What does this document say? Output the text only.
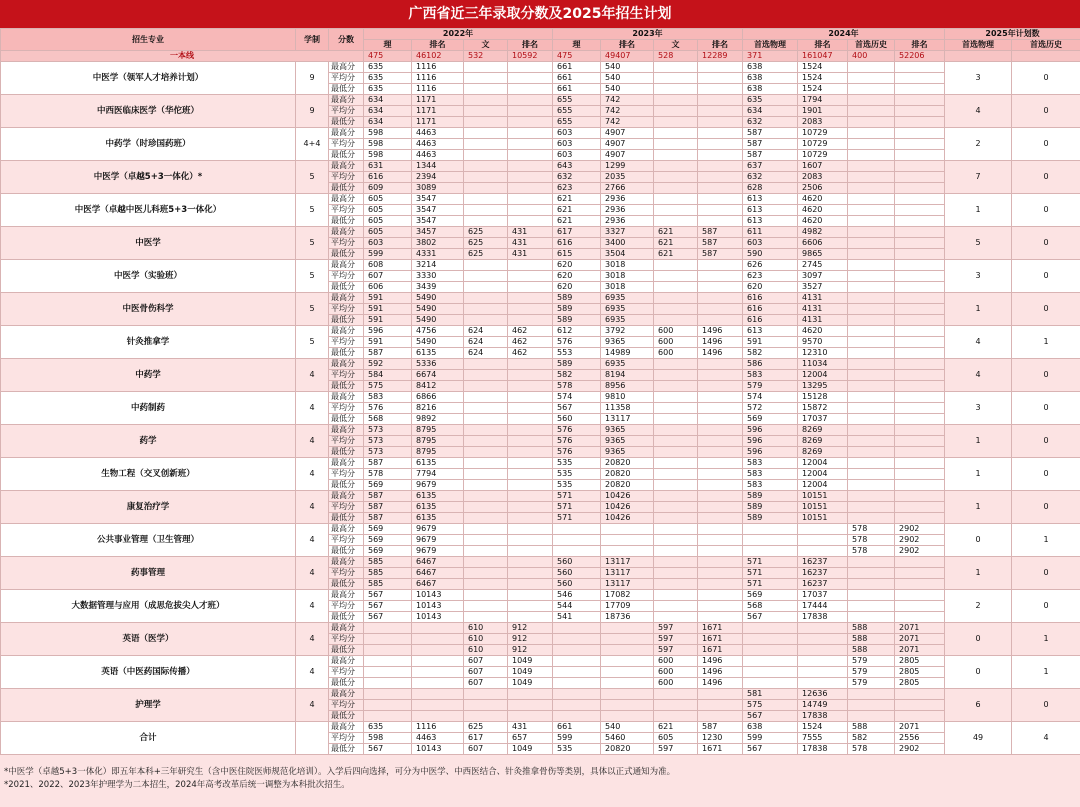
广西省近三年录取分数及2025年招生计划
招生专业	学制	分数	2022年				2023年				2024年				2025年计划数	
			理	排名	文	排名	理	排名	文	排名	首选物理	排名	首选历史	排名	首选物理	首选历史
一本线			475	46102	532	10592	475	49407	528	12289	371	161047	400	52206		
中医学（领军人才培养计划）	9	最高分	635	1116			661	540			638	1524			3	0
		平均分	635	1116			661	540			638	1524				
		最低分	635	1116			661	540			638	1524				
中西医临床医学（华佗班）	9	最高分	634	1171			655	742			635	1794			4	0
		平均分	634	1171			655	742			634	1901				
		最低分	634	1171			655	742			632	2083				
中药学（时珍国药班）	4+4	最高分	598	4463			603	4907			587	10729			2	0
		平均分	598	4463			603	4907			587	10729				
		最低分	598	4463			603	4907			587	10729				
中医学（卓越5+3一体化）*	5	最高分	631	1344			643	1299			637	1607			7	0
		平均分	616	2394			632	2035			632	2083				
		最低分	609	3089			623	2766			628	2506				
中医学（卓越中医儿科班5+3一体化）	5	最高分	605	3547			621	2936			613	4620			1	0
		平均分	605	3547			621	2936			613	4620				
		最低分	605	3547			621	2936			613	4620				
中医学	5	最高分	605	3457	625	431	617	3327	621	587	611	4982			5	0
		平均分	603	3802	625	431	616	3400	621	587	603	6606				
		最低分	599	4331	625	431	615	3504	621	587	590	9865				
中医学（实验班）	5	最高分	608	3214			620	3018			626	2745			3	0
		平均分	607	3330			620	3018			623	3097				
		最低分	606	3439			620	3018			620	3527				
中医骨伤科学	5	最高分	591	5490			589	6935			616	4131			1	0
		平均分	591	5490			589	6935			616	4131				
		最低分	591	5490			589	6935			616	4131				
针灸推拿学	5	最高分	596	4756	624	462	612	3792	600	1496	613	4620			4	1
		平均分	591	5490	624	462	576	9365	600	1496	591	9570				
		最低分	587	6135	624	462	553	14989	600	1496	582	12310				
中药学	4	最高分	592	5336			589	6935			586	11034			4	0
		平均分	584	6674			582	8194			583	12004				
		最低分	575	8412			578	8956			579	13295				
中药制药	4	最高分	583	6866			574	9810			574	15128			3	0
		平均分	576	8216			567	11358			572	15872				
		最低分	568	9892			560	13117			569	17037				
药学	4	最高分	573	8795			576	9365			596	8269			1	0
		平均分	573	8795			576	9365			596	8269				
		最低分	573	8795			576	9365			596	8269				
生物工程（交叉创新班）	4	最高分	587	6135			535	20820			583	12004			1	0
		平均分	578	7794			535	20820			583	12004				
		最低分	569	9679			535	20820			583	12004				
康复治疗学	4	最高分	587	6135			571	10426			589	10151			1	0
		平均分	587	6135			571	10426			589	10151				
		最低分	587	6135			571	10426			589	10151				
公共事业管理（卫生管理）	4	最高分	569	9679									578	2902	0	1
		平均分	569	9679									578	2902		
		最低分	569	9679									578	2902		
药事管理	4	最高分	585	6467			560	13117			571	16237			1	0
		平均分	585	6467			560	13117			571	16237				
		最低分	585	6467			560	13117			571	16237				
大数据管理与应用（成思危拔尖人才班）	4	最高分	567	10143			546	17082			569	17037			2	0
		平均分	567	10143			544	17709			568	17444				
		最低分	567	10143			541	18736			567	17838				
英语（医学）	4	最高分			610	912			597	1671			588	2071	0	1
		平均分			610	912			597	1671			588	2071		
		最低分			610	912			597	1671			588	2071		
英语（中医药国际传播）	4	最高分			607	1049			600	1496			579	2805	0	1
		平均分			607	1049			600	1496			579	2805		
		最低分			607	1049			600	1496			579	2805		
护理学	4	最高分									581	12636			6	0
		平均分									575	14749				
		最低分									567	17838				
合计		最高分	635	1116	625	431	661	540	621	587	638	1524	588	2071	49	4
		平均分	598	4463	617	657	599	5460	605	1230	599	7555	582	2556		
		最低分	567	10143	607	1049	535	20820	597	1671	567	17838	578	2902		
*中医学（卓越5+3一体化）即五年本科+三年研究生（含中医住院医师规范化培训）。入学后四向选择，可分为中医学、中西医结合、针灸推拿骨伤等类别，具体以正式通知为准。
*2021、2022、2023年护理学为二本招生，2024年高考改革后统一调整为本科批次招生。
